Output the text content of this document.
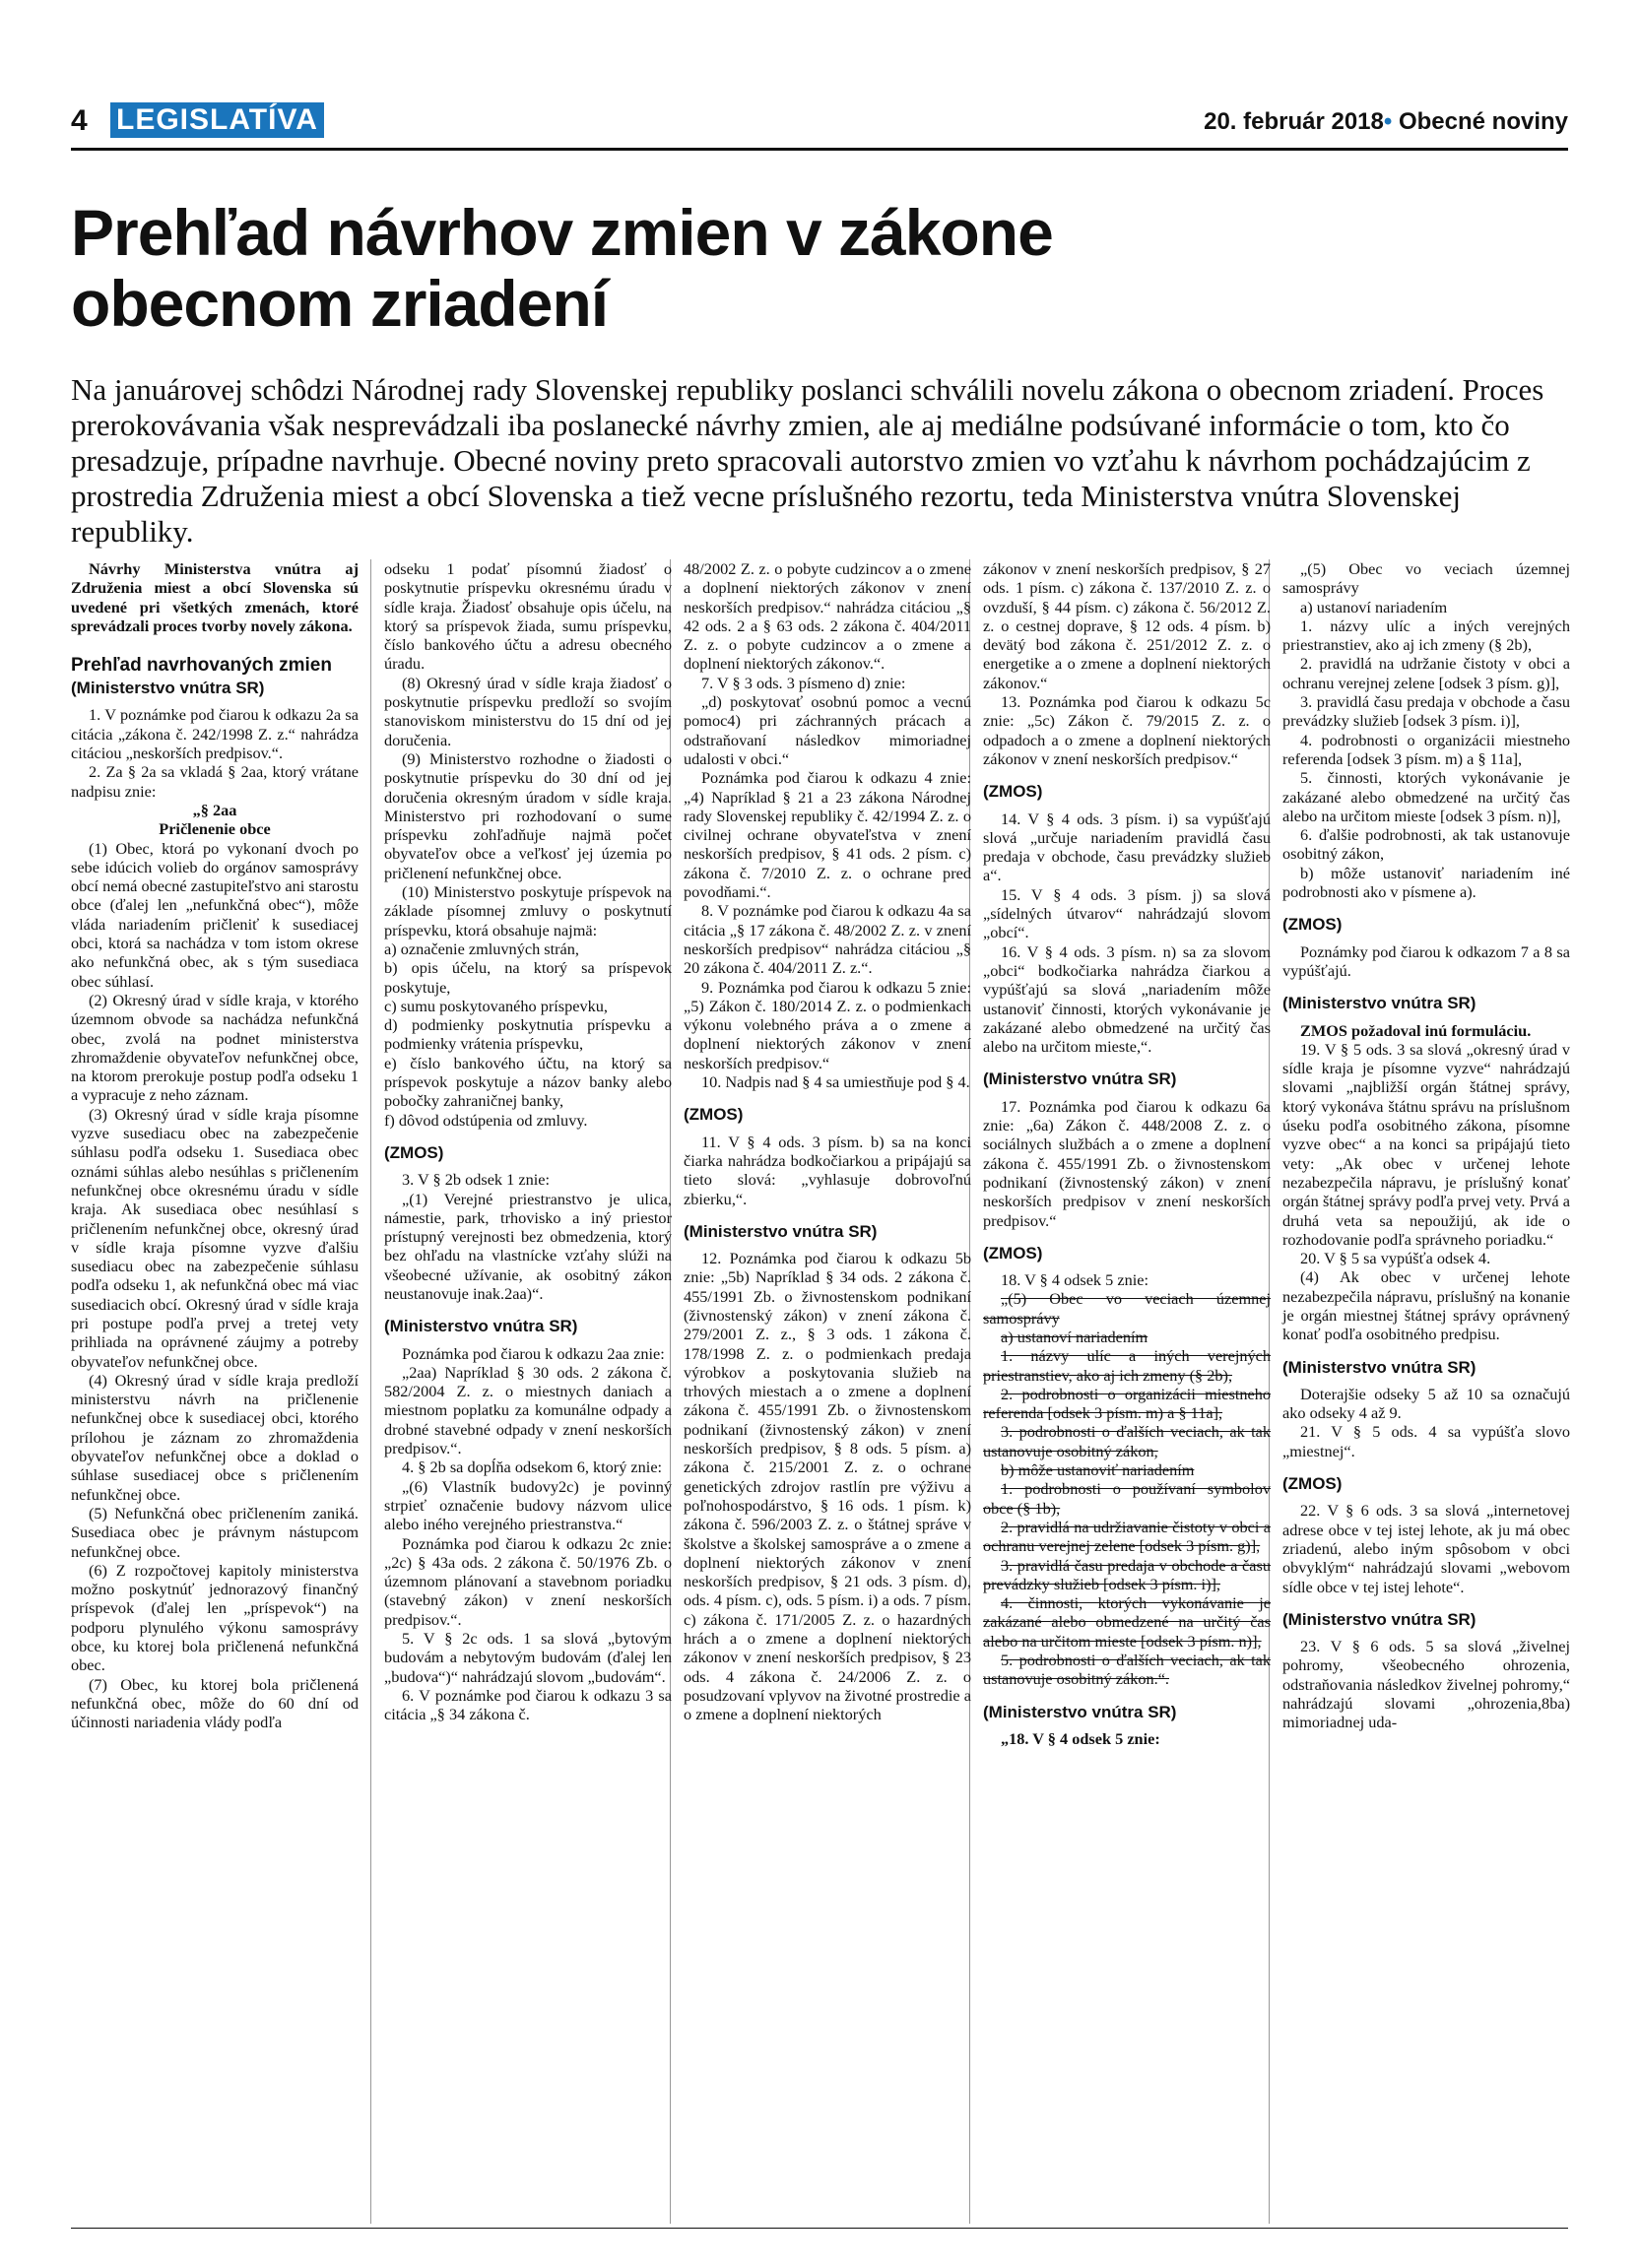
4 LEGISLATÍVA	20. február 2018• Obecné noviny
Prehľad návrhov zmien v zákone
obecnom zriadení
Na januárovej schôdzi Národnej rady Slovenskej republiky poslanci schválili novelu zákona o obecnom zriadení. Proces prerokovávania však nesprevádzali iba poslanecké návrhy zmien, ale aj mediálne podsúvané informácie o tom, kto čo presadzuje, prípadne navrhuje. Obecné noviny preto spracovali autorstvo zmien vo vzťahu k návrhom pochádzajúcim z prostredia Združenia miest a obcí Slovenska a tiež vecne príslušného rezortu, teda Ministerstva vnútra Slovenskej republiky.

Návrhy Ministerstva vnútra aj Združenia miest a obcí Slovenska sú uvedené pri všetkých zmenách, ktoré sprevádzali proces tvorby novely zákona.

Prehľad navrhovaných zmien
(Ministerstvo vnútra SR)

1. V poznámke pod čiarou k odkazu 2a sa citácia „zákona č. 242/1998 Z. z.“ nahrádza citáciou „neskorších predpisov.“.

2. Za § 2a sa vkladá § 2aa, ktorý vrátane nadpisu znie:

„§ 2aa

Pričlenenie obce

(1) Obec, ktorá po vykonaní dvoch po sebe idúcich volieb do orgánov samosprávy obcí nemá obecné zastupiteľstvo ani starostu obce (ďalej len „nefunkčná obec“), môže vláda nariadením pričleniť k susediacej obci, ktorá sa nachádza v tom istom okrese ako nefunkčná obec, ak s tým susediaca obec súhlasí.

(2) Okresný úrad v sídle kraja, v ktorého územnom obvode sa nachádza nefunkčná obec, zvolá na podnet ministerstva zhromaždenie obyvateľov nefunkčnej obce, na ktorom prerokuje postup podľa odseku 1 a vypracuje z neho záznam.

(3) Okresný úrad v sídle kraja písomne vyzve susediacu obec na zabezpečenie súhlasu podľa odseku 1. Susediaca obec oznámi súhlas alebo nesúhlas s pričlenením nefunkčnej obce okresnému úradu v sídle kraja. Ak susediaca obec nesúhlasí s pričlenením nefunkčnej obce, okresný úrad v sídle kraja písomne vyzve ďalšiu susediacu obec na zabezpečenie súhlasu podľa odseku 1, ak nefunkčná obec má viac susediacich obcí. Okresný úrad v sídle kraja pri postupe podľa prvej a tretej vety prihliada na oprávnené záujmy a potreby obyvateľov nefunkčnej obce.

(4) Okresný úrad v sídle kraja predloží ministerstvu návrh na pričlenenie nefunkčnej obce k susediacej obci, ktorého prílohou je záznam zo zhromaždenia obyvateľov nefunkčnej obce a doklad o súhlase susediacej obce s pričlenením nefunkčnej obce.

(5) Nefunkčná obec pričlenením zaniká. Susediaca obec je právnym nástupcom nefunkčnej obce.

(6) Z rozpočtovej kapitoly ministerstva možno poskytnúť jednorazový finančný príspevok (ďalej len „príspevok“) na podporu plynulého výkonu samosprávy obce, ku ktorej bola pričlenená nefunkčná obec.

(7) Obec, ku ktorej bola pričlenená nefunkčná obec, môže do 60 dní od účinnosti nariadenia vlády podľa

odseku 1 podať písomnú žiadosť o poskytnutie príspevku okresnému úradu v sídle kraja. Žiadosť obsahuje opis účelu, na ktorý sa príspevok žiada, sumu príspevku, číslo bankového účtu a adresu obecného úradu.

(8) Okresný úrad v sídle kraja žiadosť o poskytnutie príspevku predloží so svojím stanoviskom ministerstvu do 15 dní od jej doručenia.

(9) Ministerstvo rozhodne o žiadosti o poskytnutie príspevku do 30 dní od jej doručenia okresným úradom v sídle kraja. Ministerstvo pri rozhodovaní o sume príspevku zohľadňuje najmä počet obyvateľov obce a veľkosť jej územia po pričlenení nefunkčnej obce.

(10) Ministerstvo poskytuje príspevok na základe písomnej zmluvy o poskytnutí príspevku, ktorá obsahuje najmä:

a) označenie zmluvných strán,

b) opis účelu, na ktorý sa príspevok poskytuje,

c) sumu poskytovaného príspevku,

d) podmienky poskytnutia príspevku a podmienky vrátenia príspevku,

e) číslo bankového účtu, na ktorý sa príspevok poskytuje a názov banky alebo pobočky zahraničnej banky,

f) dôvod odstúpenia od zmluvy.

(ZMOS)

3. V § 2b odsek 1 znie:

„(1) Verejné priestranstvo je ulica, námestie, park, trhovisko a iný priestor prístupný verejnosti bez obmedzenia, ktorý bez ohľadu na vlastnícke vzťahy slúži na všeobecné užívanie, ak osobitný zákon neustanovuje inak.2aa)“.

(Ministerstvo vnútra SR)

Poznámka pod čiarou k odkazu 2aa znie:

„2aa) Napríklad § 30 ods. 2 zákona č. 582/2004 Z. z. o miestnych daniach a miestnom poplatku za komunálne odpady a drobné stavebné odpady v znení neskorších predpisov.“.

4. § 2b sa dopĺňa odsekom 6, ktorý znie:

„(6) Vlastník budovy2c) je povinný strpieť označenie budovy názvom ulice alebo iného verejného priestranstva.“

Poznámka pod čiarou k odkazu 2c znie: „2c) § 43a ods. 2 zákona č. 50/1976 Zb. o územnom plánovaní a stavebnom poriadku (stavebný zákon) v znení neskorších predpisov.“.

5. V § 2c ods. 1 sa slová „bytovým budovám a nebytovým budovám (ďalej len „budova“)“ nahrádzajú slovom „budovám“.

6. V poznámke pod čiarou k odkazu 3 sa citácia „§ 34 zákona č.

48/2002 Z. z. o pobyte cudzincov a o zmene a doplnení niektorých zákonov v znení neskorších predpisov.“ nahrádza citáciou „§ 42 ods. 2 a § 63 ods. 2 zákona č. 404/2011 Z. z. o pobyte cudzincov a o zmene a doplnení niektorých zákonov.“.

7. V § 3 ods. 3 písmeno d) znie:

„d) poskytovať osobnú pomoc a vecnú pomoc4) pri záchranných prácach a odstraňovaní následkov mimoriadnej udalosti v obci.“

Poznámka pod čiarou k odkazu 4 znie: „4) Napríklad § 21 a 23 zákona Národnej rady Slovenskej republiky č. 42/1994 Z. z. o civilnej ochrane obyvateľstva v znení neskorších predpisov, § 41 ods. 2 písm. c) zákona č. 7/2010 Z. z. o ochrane pred povodňami.“.

8. V poznámke pod čiarou k odkazu 4a sa citácia „§ 17 zákona č. 48/2002 Z. z. v znení neskorších predpisov“ nahrádza citáciou „§ 20 zákona č. 404/2011 Z. z.“.

9. Poznámka pod čiarou k odkazu 5 znie: „5) Zákon č. 180/2014 Z. z. o podmienkach výkonu volebného práva a o zmene a doplnení niektorých zákonov v znení neskorších predpisov.“

10. Nadpis nad § 4 sa umiestňuje pod § 4.

(ZMOS)

11. V § 4 ods. 3 písm. b) sa na konci čiarka nahrádza bodkočiarkou a pripájajú sa tieto slová: „vyhlasuje dobrovoľnú zbierku,“.

(Ministerstvo vnútra SR)

12. Poznámka pod čiarou k odkazu 5b znie: „5b) Napríklad § 34 ods. 2 zákona č. 455/1991 Zb. o živnostenskom podnikaní (živnostenský zákon) v znení zákona č. 279/2001 Z. z., § 3 ods. 1 zákona č. 178/1998 Z. z. o podmienkach predaja výrobkov a poskytovania služieb na trhových miestach a o zmene a doplnení zákona č. 455/1991 Zb. o živnostenskom podnikaní (živnostenský zákon) v znení neskorších predpisov, § 8 ods. 5 písm. a) zákona č. 215/2001 Z. z. o ochrane genetických zdrojov rastlín pre výživu a poľnohospodárstvo, § 16 ods. 1 písm. k) zákona č. 596/2003 Z. z. o štátnej správe v školstve a školskej samospráve a o zmene a doplnení niektorých zákonov v znení neskorších predpisov, § 21 ods. 3 písm. d), ods. 4 písm. c), ods. 5 písm. i) a ods. 7 písm. c) zákona č. 171/2005 Z. z. o hazardných hrách a o zmene a doplnení niektorých zákonov v znení neskorších predpisov, § 23 ods. 4 zákona č. 24/2006 Z. z. o posudzovaní vplyvov na životné prostredie a o zmene a doplnení niektorých

zákonov v znení neskorších predpisov, § 27 ods. 1 písm. c) zákona č. 137/2010 Z. z. o ovzduší, § 44 písm. c) zákona č. 56/2012 Z. z. o cestnej doprave, § 12 ods. 4 písm. b) devätý bod zákona č. 251/2012 Z. z. o energetike a o zmene a doplnení niektorých zákonov.“

13. Poznámka pod čiarou k odkazu 5c znie: „5c) Zákon č. 79/2015 Z. z. o odpadoch a o zmene a doplnení niektorých zákonov v znení neskorších predpisov.“

(ZMOS)

14. V § 4 ods. 3 písm. i) sa vypúšťajú slová „určuje nariadením pravidlá času predaja v obchode, času prevádzky služieb a“.

15. V § 4 ods. 3 písm. j) sa slová „sídelných útvarov“ nahrádzajú slovom „obcí“.

16. V § 4 ods. 3 písm. n) sa za slovom „obci“ bodkočiarka nahrádza čiarkou a vypúšťajú sa slová „nariadením môže ustanoviť činnosti, ktorých vykonávanie je zakázané alebo obmedzené na určitý čas alebo na určitom mieste,“.

(Ministerstvo vnútra SR)

17. Poznámka pod čiarou k odkazu 6a znie: „6a) Zákon č. 448/2008 Z. z. o sociálnych službách a o zmene a doplnení zákona č. 455/1991 Zb. o živnostenskom podnikaní (živnostenský zákon) v znení neskorších predpisov v znení neskorších predpisov.“

(ZMOS)

18. V § 4 odsek 5 znie:

„(5) Obec vo veciach územnej samosprávy

a) ustanoví nariadením

1. názvy ulíc a iných verejných priestranstiev, ako aj ich zmeny (§ 2b),

2. podrobnosti o organizácii miestneho referenda [odsek 3 písm. m) a § 11a],

3. podrobnosti o ďalších veciach, ak tak ustanovuje osobitný zákon,

b) môže ustanoviť nariadením

1. podrobnosti o používaní symbolov obce (§ 1b),

2. pravidlá na udržiavanie čistoty v obci a ochranu verejnej zelene [odsek 3 písm. g)],

3. pravidlá času predaja v obchode a času prevádzky služieb [odsek 3 písm. i)],

4. činnosti, ktorých vykonávanie je zakázané alebo obmedzené na určitý čas alebo na určitom mieste [odsek 3 písm. n)],

5. podrobnosti o ďalších veciach, ak tak ustanovuje osobitný zákon.“.

(Ministerstvo vnútra SR)

„18. V § 4 odsek 5 znie:

„(5) Obec vo veciach územnej samosprávy

a) ustanoví nariadením

1. názvy ulíc a iných verejných priestranstiev, ako aj ich zmeny (§ 2b),

2. pravidlá na udržanie čistoty v obci a ochranu verejnej zelene [odsek 3 písm. g)],

3. pravidlá času predaja v obchode a času prevádzky služieb [odsek 3 písm. i)],

4. podrobnosti o organizácii miestneho referenda [odsek 3 písm. m) a § 11a],

5. činnosti, ktorých vykonávanie je zakázané alebo obmedzené na určitý čas alebo na určitom mieste [odsek 3 písm. n)],

6. ďalšie podrobnosti, ak tak ustanovuje osobitný zákon,

b) môže ustanoviť nariadením iné podrobnosti ako v písmene a).

(ZMOS)

Poznámky pod čiarou k odkazom 7 a 8 sa vypúšťajú.

(Ministerstvo vnútra SR)

ZMOS požadoval inú formuláciu.

19. V § 5 ods. 3 sa slová „okresný úrad v sídle kraja je písomne vyzve“ nahrádzajú slovami „najbližší orgán štátnej správy, ktorý vykonáva štátnu správu na príslušnom úseku podľa osobitného zákona, písomne vyzve obec“ a na konci sa pripájajú tieto vety: „Ak obec v určenej lehote nezabezpečila nápravu, je príslušný konať orgán štátnej správy podľa prvej vety. Prvá a druhá veta sa nepoužijú, ak ide o rozhodovanie podľa správneho poriadku.“

20. V § 5 sa vypúšťa odsek 4.

(4) Ak obec v určenej lehote nezabezpečila nápravu, príslušný na konanie je orgán miestnej štátnej správy oprávnený konať podľa osobitného predpisu.

(Ministerstvo vnútra SR)

Doterajšie odseky 5 až 10 sa označujú ako odseky 4 až 9.

21. V § 5 ods. 4 sa vypúšťa slovo „miestnej“.

(ZMOS)

22. V § 6 ods. 3 sa slová „internetovej adrese obce v tej istej lehote, ak ju má obec zriadenú, alebo iným spôsobom v obci obvyklým“ nahrádzajú slovami „webovom sídle obce v tej istej lehote“.

(Ministerstvo vnútra SR)

23. V § 6 ods. 5 sa slová „živelnej pohromy, všeobecného ohrozenia, odstraňovania následkov živelnej pohromy,“ nahrádzajú slovami „ohrozenia,8ba) mimoriadnej uda-
